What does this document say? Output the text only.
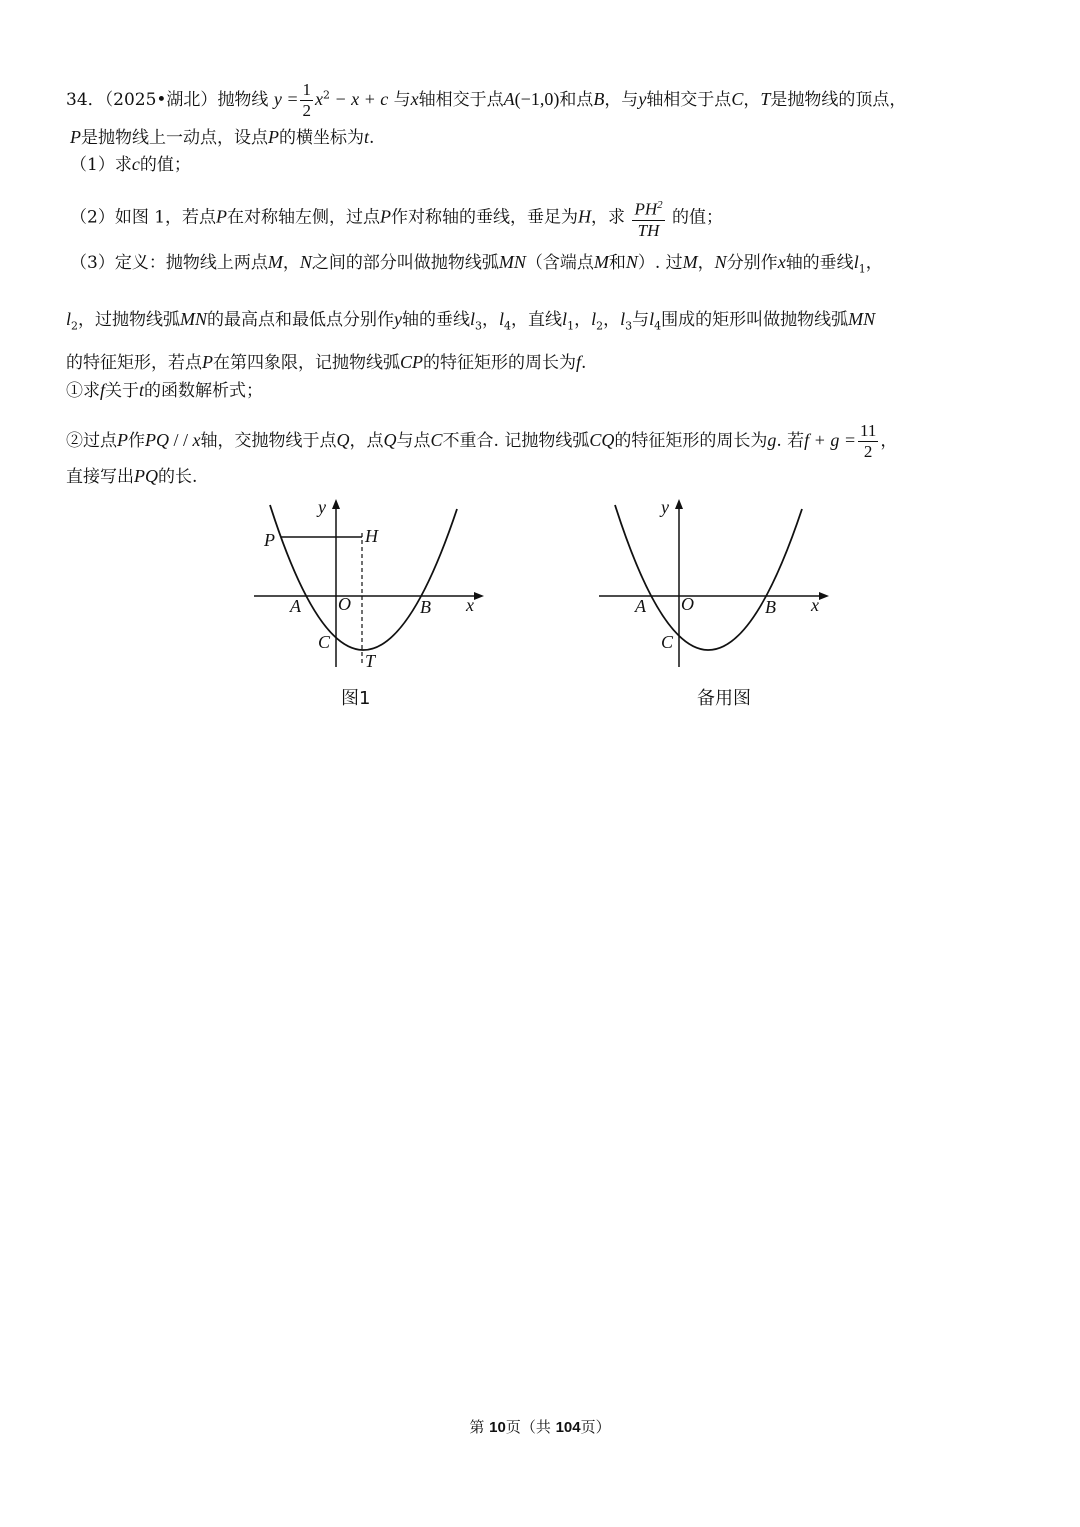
34．（2025•湖北）抛物线 $y = \frac{1}{2} x^2 - x + c$ 与x轴相交于点A(−1,0)和点B，与y轴相交于点C，T是抛物线的顶点，
P是抛物线上一动点，设点P的横坐标为t.
（1）求c的值；
（2）如图 1，若点P在对称轴左侧，过点P作对称轴的垂线，垂足为H，求 $\frac{PH^2}{TH}$ 的值；
（3）定义：抛物线上两点M，N之间的部分叫做抛物线弧MN（含端点M和N）. 过M，N分别作x轴的垂线$l_1$，
$l_2$，过抛物线弧MN的最高点和最低点分别作y轴的垂线$l_3$，$l_4$，直线$l_1$，$l_2$，$l_3$与$l_4$围成的矩形叫做抛物线弧MN
的特征矩形，若点P在第四象限，记抛物线弧CP的特征矩形的周长为f.
①求f关于t的函数解析式；
②过点P作PQ / / x轴，交抛物线于点Q，点Q与点C不重合. 记抛物线弧CQ的特征矩形的周长为g. 若$f + g = \frac{11}{2}$ ，
直接写出PQ的长.
y
x
P	H
A O	B
C
T
图1
y
x
A O	B
C
备用图
第 10页（共 104页）
